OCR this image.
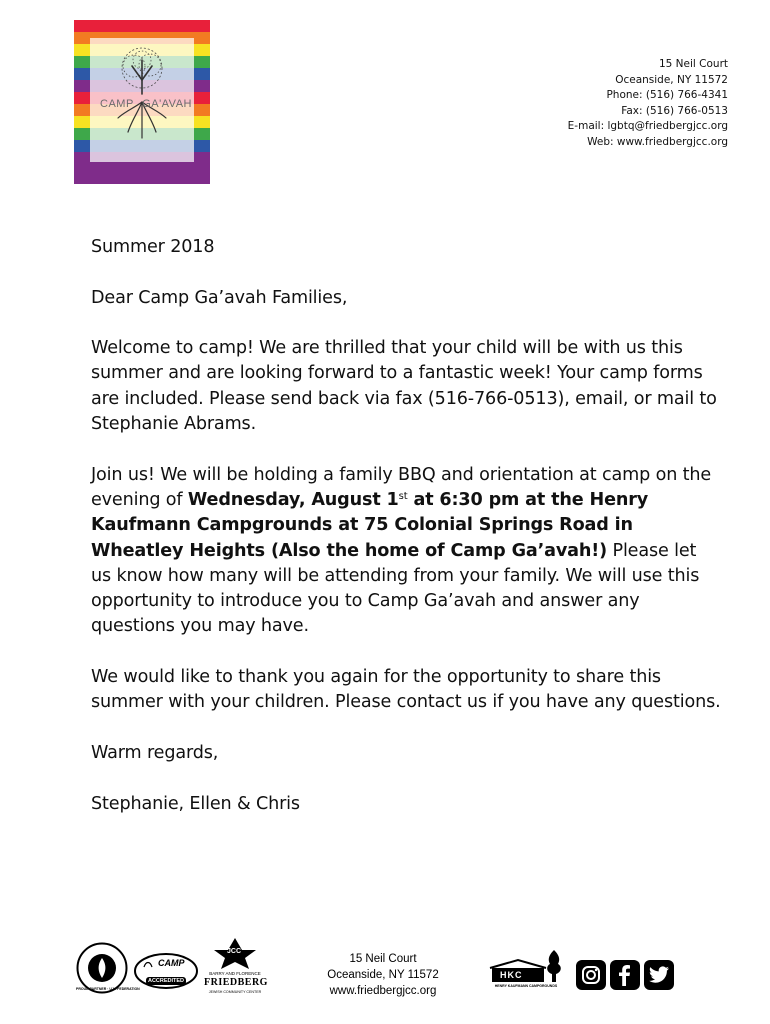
CAMP GA'AVAH
15 Neil Court
Oceanside, NY 11572
Phone: (516) 766-4341
Fax: (516) 766-0513
E-mail: lgbtq@friedbergjcc.org
Web: www.friedbergjcc.org

Summer 2018

Dear Camp Ga’avah Families,

Welcome to camp! We are thrilled that your child will be with us this summer and are looking forward to a fantastic week! Your camp forms are included. Please send back via fax (516-766-0513), email, or mail to Stephanie Abrams.

Join us! We will be holding a family BBQ and orientation at camp on the evening of Wednesday, August 1st at 6:30 pm at the Henry Kaufmann Campgrounds at 75 Colonial Springs Road in Wheatley Heights (Also the home of Camp Ga’avah!) Please let us know how many will be attending from your family. We will use this opportunity to introduce you to Camp Ga’avah and answer any questions you may have.

We would like to thank you again for the opportunity to share this summer with your children. Please contact us if you have any questions.

Warm regards,

Stephanie, Ellen & Chris

PROUD PARTNER · UJA FEDERATION
CAMP
ACCREDITED
JCC
BARRY AND FLORENCE
FRIEDBERG
JEWISH COMMUNITY CENTER
15 Neil Court
Oceanside, NY 11572
www.friedbergjcc.org
HKC
HENRY KAUFMANN CAMPGROUNDS
